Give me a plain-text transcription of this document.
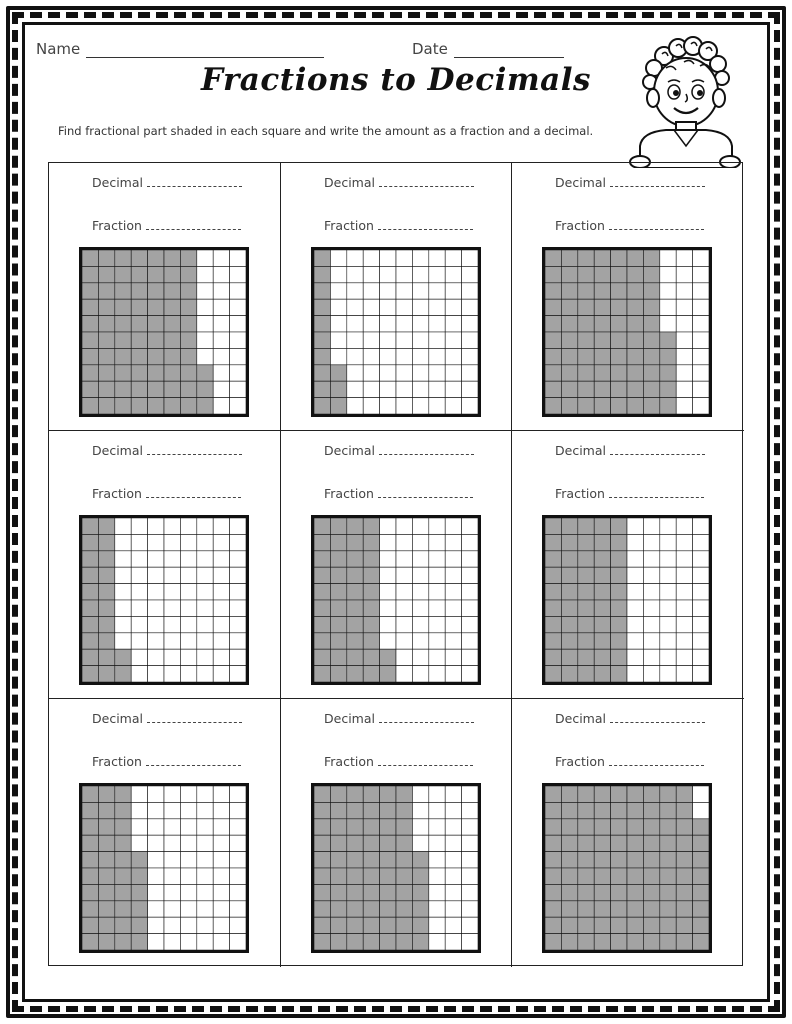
Name	Date
Fractions to Decimals
Find fractional part shaded in each square and write the amount as a fraction and a decimal.
Decimal
Fraction
Decimal
Fraction
Decimal
Fraction
Decimal
Fraction
Decimal
Fraction
Decimal
Fraction
Decimal
Fraction
Decimal
Fraction
Decimal
Fraction
